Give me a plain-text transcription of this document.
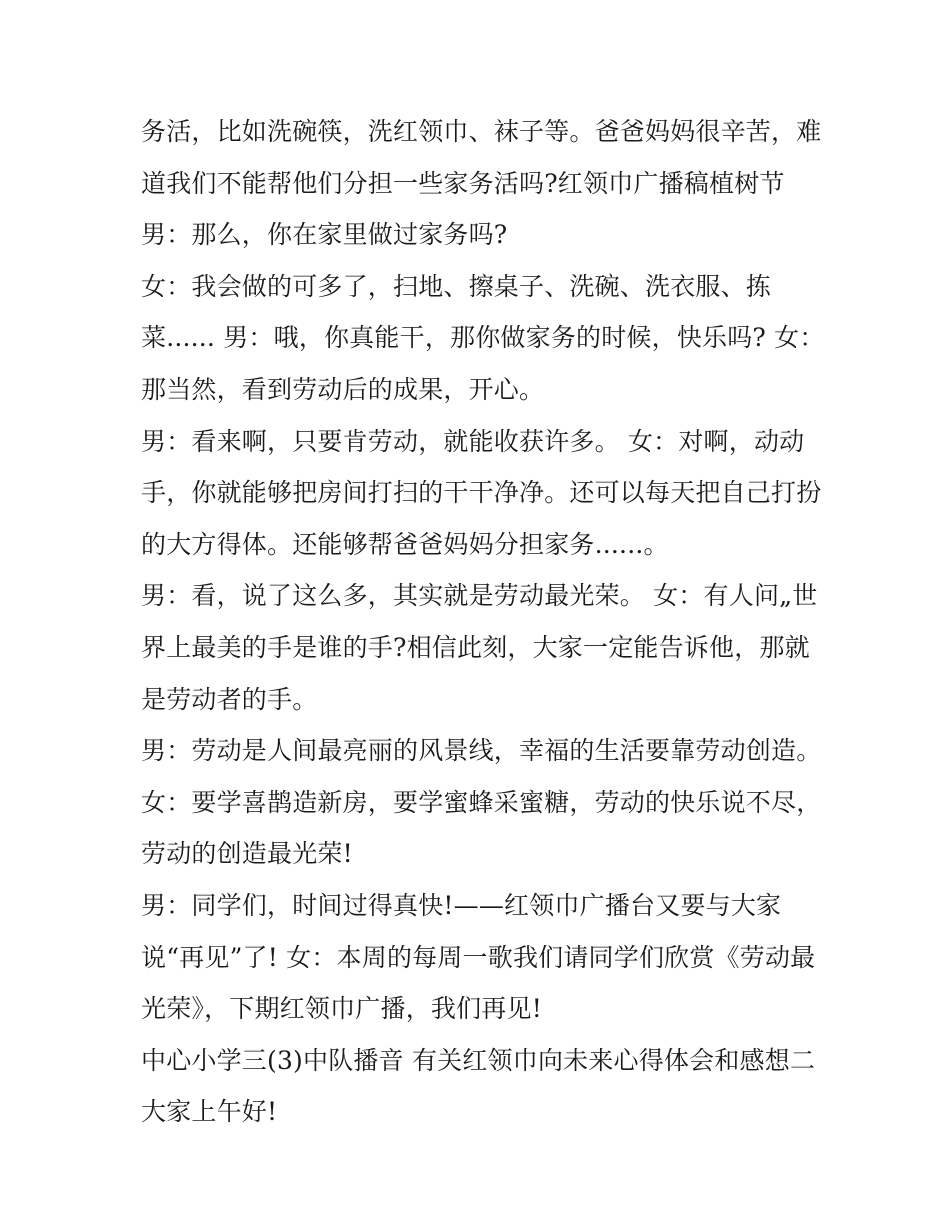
务活，比如洗碗筷，洗红领巾、袜子等。爸爸妈妈很辛苦，难
道我们不能帮他们分担一些家务活吗?红领巾广播稿植树节
男：那么，你在家里做过家务吗?
女：我会做的可多了，扫地、擦桌子、洗碗、洗衣服、拣
菜...... 男：哦，你真能干，那你做家务的时候，快乐吗? 女：
那当然，看到劳动后的成果，开心。
男：看来啊，只要肯劳动，就能收获许多。 女：对啊，动动
手，你就能够把房间打扫的干干净净。还可以每天把自己打扮
的大方得体。还能够帮爸爸妈妈分担家务......。
男：看，说了这么多，其实就是劳动最光荣。 女：有人问„世
界上最美的手是谁的手?相信此刻，大家一定能告诉他，那就
是劳动者的手。
男：劳动是人间最亮丽的风景线，幸福的生活要靠劳动创造。
女：要学喜鹊造新房，要学蜜蜂采蜜糖，劳动的快乐说不尽，
劳动的创造最光荣!
男：同学们，时间过得真快!——红领巾广播台又要与大家
说“再见”了! 女：本周的每周一歌我们请同学们欣赏《劳动最
光荣》，下期红领巾广播，我们再见!
中心小学三(3)中队播音 有关红领巾向未来心得体会和感想二
大家上午好!
